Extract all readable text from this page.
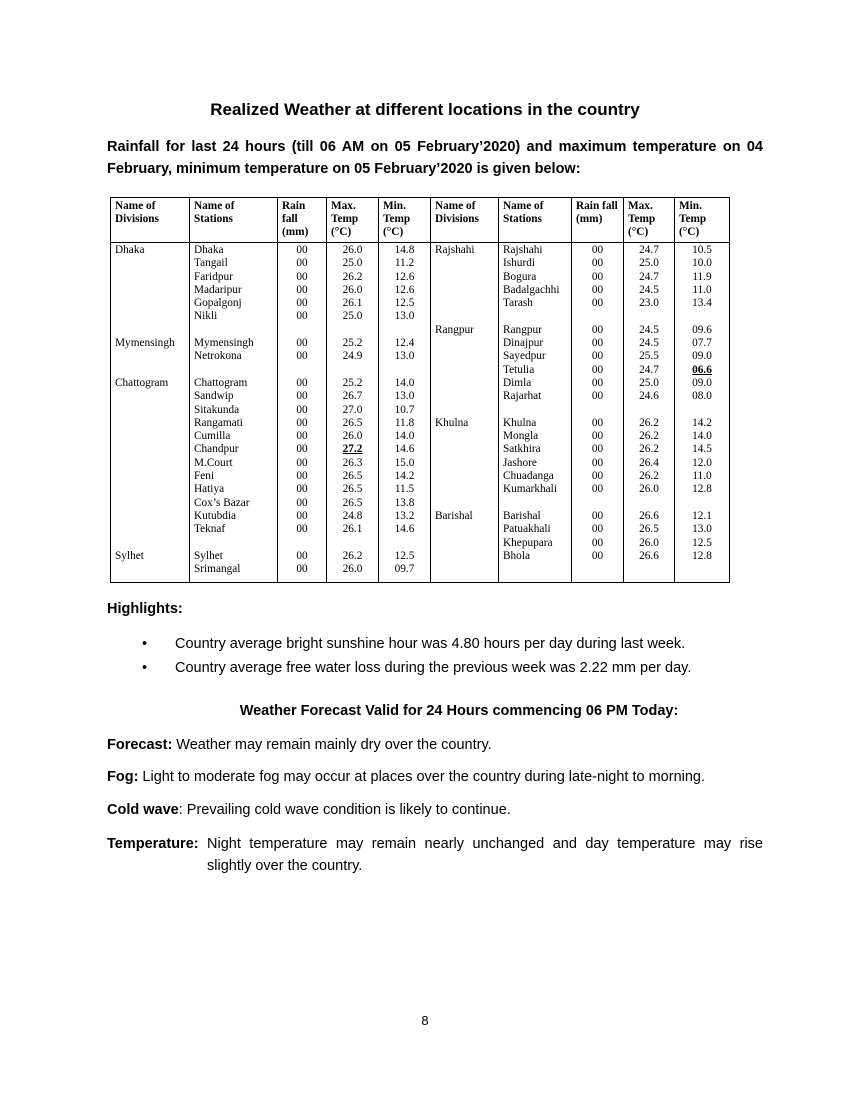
Realized Weather at different locations in the country
Rainfall for last 24 hours (till 06 AM on 05 February’2020) and maximum temperature on 04 February, minimum temperature on 05 February’2020 is given below:
Name of Divisions	Name of Stations	Rain fall (mm)	Max. Temp (°C)	Min. Temp (°C)	Name of Divisions	Name of Stations	Rain fall (mm)	Max. Temp (°C)	Min. Temp (°C)
Dhaka	Dhaka	00	26.0	14.8	Rajshahi	Rajshahi	00	24.7	10.5
	Tangail	00	25.0	11.2		Ishurdi	00	25.0	10.0
	Faridpur	00	26.2	12.6		Bogura	00	24.7	11.9
	Madaripur	00	26.0	12.6		Badalgachhi	00	24.5	11.0
	Gopalgonj	00	26.1	12.5		Tarash	00	23.0	13.4
	Nikli	00	25.0	13.0					
					Rangpur	Rangpur	00	24.5	09.6
Mymensingh	Mymensingh	00	25.2	12.4		Dinajpur	00	24.5	07.7
	Netrokona	00	24.9	13.0		Sayedpur	00	25.5	09.0
						Tetulia	00	24.7	06.6
Chattogram	Chattogram	00	25.2	14.0		Dimla	00	25.0	09.0
	Sandwip	00	26.7	13.0		Rajarhat	00	24.6	08.0
	Sitakunda	00	27.0	10.7					
	Rangamati	00	26.5	11.8	Khulna	Khulna	00	26.2	14.2
	Cumilla	00	26.0	14.0		Mongla	00	26.2	14.0
	Chandpur	00	27.2	14.6		Satkhira	00	26.2	14.5
	M.Court	00	26.3	15.0		Jashore	00	26.4	12.0
	Feni	00	26.5	14.2		Chuadanga	00	26.2	11.0
	Hatiya	00	26.5	11.5		Kumarkhali	00	26.0	12.8
	Cox’s Bazar	00	26.5	13.8					
	Kutubdia	00	24.8	13.2	Barishal	Barishal	00	26.6	12.1
	Teknaf	00	26.1	14.6		Patuakhali	00	26.5	13.0
						Khepupara	00	26.0	12.5
Sylhet	Sylhet	00	26.2	12.5		Bhola	00	26.6	12.8
	Srimangal	00	26.0	09.7					
Highlights:
• Country average bright sunshine hour was 4.80 hours per day during last week.
• Country average free water loss during the previous week was 2.22 mm per day.
Weather Forecast Valid for 24 Hours commencing 06 PM Today:
Forecast: Weather may remain mainly dry over the country.
Fog: Light to moderate fog may occur at places over the country during late-night to morning.
Cold wave: Prevailing cold wave condition is likely to continue.
Temperature: Night temperature may remain nearly unchanged and day temperature may rise slightly over the country.
8
